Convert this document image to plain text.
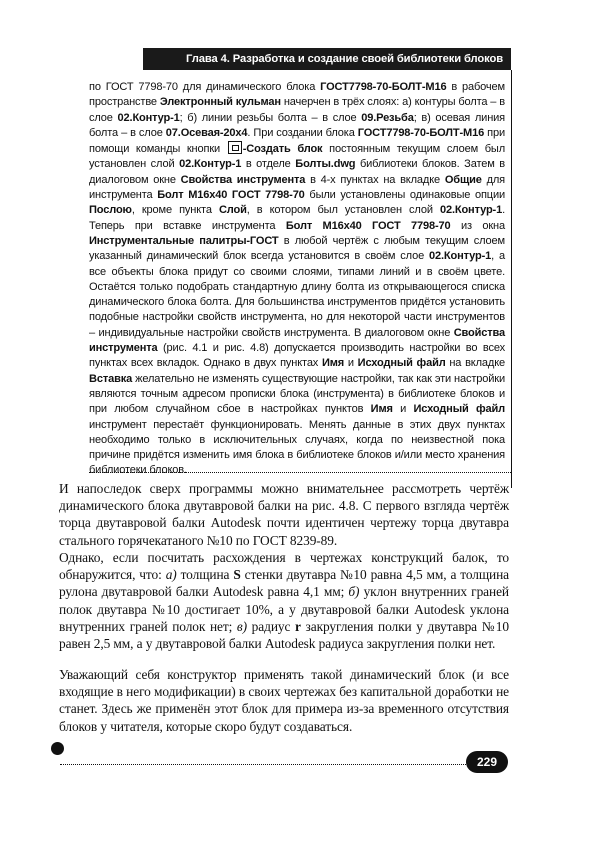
Глава 4. Разработка и создание своей библиотеки блоков
по ГОСТ 7798-70 для динамического блока ГОСТ7798-70-БОЛТ-М16 в рабочем пространстве Электронный кульман начерчен в трёх слоях: а) контуры болта – в слое 02.Контур-1; б) линии резьбы болта – в слое 09.Резьба; в) осевая линия болта – в слое 07.Осевая-20х4. При создании блока ГОСТ7798-70-БОЛТ-М16 при помощи команды кнопки -Создать блок постоянным текущим слоем был установлен слой 02.Контур-1 в отделе Болты.dwg библиотеки блоков. Затем в диалоговом окне Свойства инструмента в 4-х пунктах на вкладке Общие для инструмента Болт М16х40 ГОСТ 7798-70 были установлены одинаковые опции Послою, кроме пункта Слой, в котором был установлен слой 02.Контур-1. Теперь при вставке инструмента Болт М16х40 ГОСТ 7798-70 из окна Инструментальные палитры-ГОСТ в любой чертёж с любым текущим слоем указанный динамический блок всегда установится в своём слое 02.Контур-1, а все объекты блока придут со своими слоями, типами линий и в своём цвете. Остаётся только подобрать стандартную длину болта из открывающегося списка динамического блока болта. Для большинства инструментов придётся установить подобные настройки свойств инструмента, но для некоторой части инструментов – индивидуальные настройки свойств инструмента. В диалоговом окне Свойства инструмента (рис. 4.1 и рис. 4.8) допускается производить настройки во всех пунктах всех вкладок. Однако в двух пунктах Имя и Исходный файл на вкладке Вставка желательно не изменять существующие настройки, так как эти настройки являются точным адресом прописки блока (инструмента) в библиотеке блоков и при любом случайном сбое в настройках пунктов Имя и Исходный файл инструмент перестаёт функционировать. Менять данные в этих двух пунктах необходимо только в исключительных случаях, когда по неизвестной пока причине придётся изменить имя блока в библиотеке блоков и/или место хранения библиотеки блоков.
И напоследок сверх программы можно внимательнее рассмотреть чертёж динамического блока двутавровой балки на рис. 4.8. С первого взгляда чертёж торца двутавровой балки Autodesk почти идентичен чертежу торца двутавра стального горячекатаного №10 по ГОСТ 8239-89.
Однако, если посчитать расхождения в чертежах конструкций балок, то обнаружится, что: а) толщина S стенки двутавра №10 равна 4,5 мм, а толщина рулона двутавровой балки Autodesk равна 4,1 мм; б) уклон внутренних граней полок двутавра №10 достигает 10%, а у двутавровой балки Autodesk уклона внутренних граней полок нет; в) радиус r закругления полки у двутавра №10 равен 2,5 мм, а у двутавровой балки Autodesk радиуса закругления полки нет.
Уважающий себя конструктор применять такой динамический блок (и все входящие в него модификации) в своих чертежах без капитальной доработки не станет. Здесь же применён этот блок для примера из-за временного отсутствия блоков у читателя, которые скоро будут создаваться.
229
